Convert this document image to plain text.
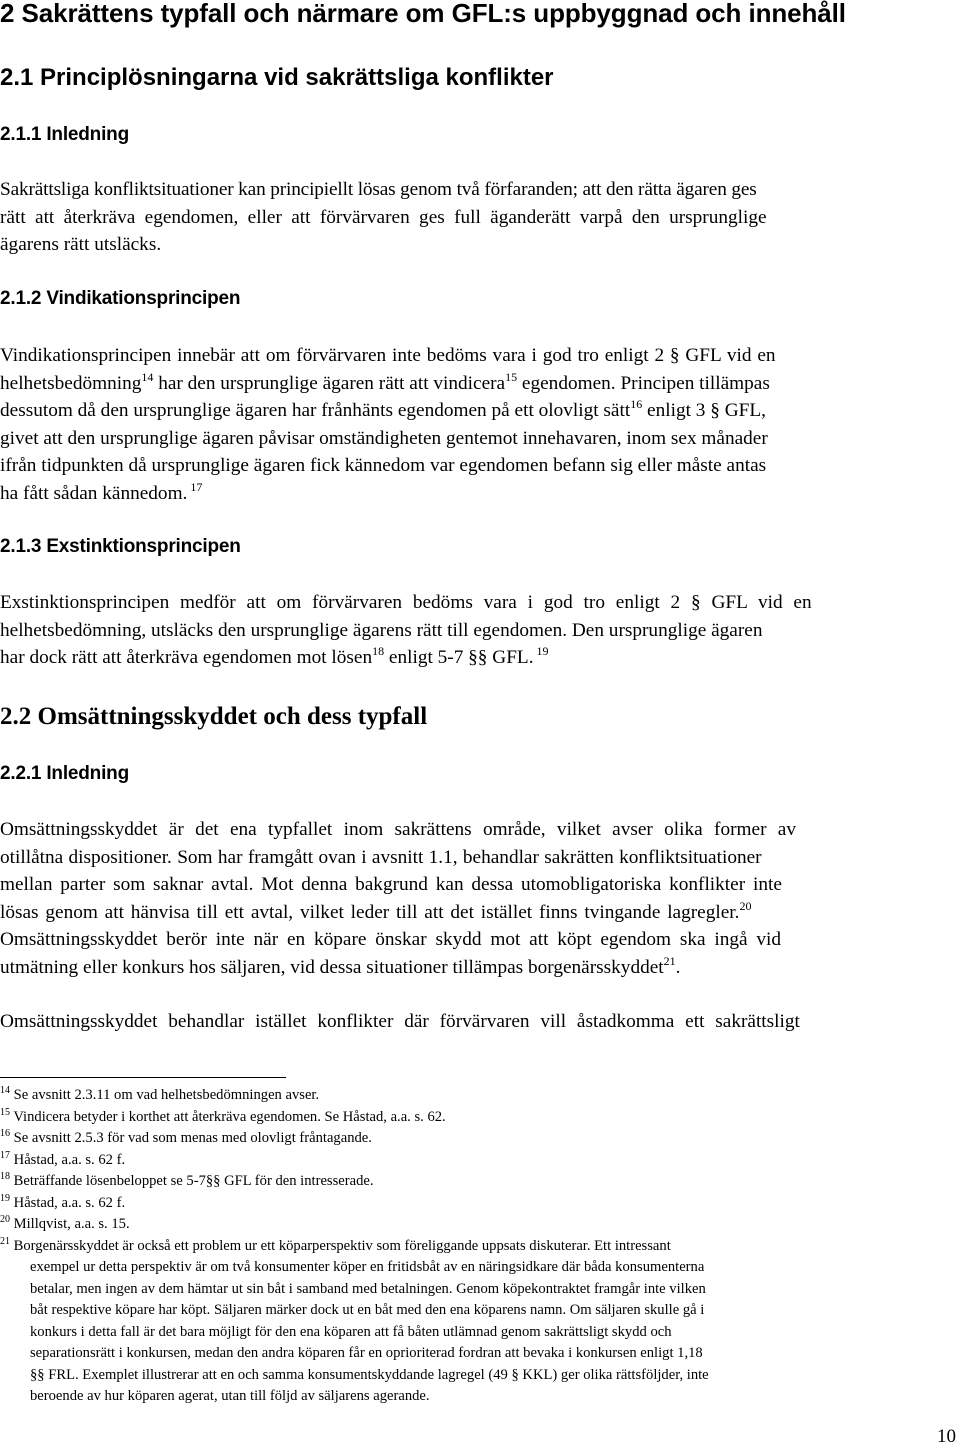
2 Sakrättens typfall och närmare om GFL:s uppbyggnad och innehåll
2.1 Principlösningarna vid sakrättsliga konflikter
2.1.1 Inledning
Sakrättsliga konfliktsituationer kan principiellt lösas genom två förfaranden; att den rätta ägaren ges
rätt att återkräva egendomen, eller att förvärvaren ges full äganderätt varpå den ursprunglige
ägarens rätt utsläcks.
2.1.2 Vindikationsprincipen
Vindikationsprincipen innebär att om förvärvaren inte bedöms vara i god tro enligt 2 § GFL vid en
helhetsbedömning$^{14}$ har den ursprunglige ägaren rätt att vindicera$^{15}$ egendomen. Principen tillämpas
dessutom då den ursprunglige ägaren har frånhänts egendomen på ett olovligt sätt$^{16}$ enligt 3 § GFL,
givet att den ursprunglige ägaren påvisar omständigheten gentemot innehavaren, inom sex månader
ifrån tidpunkten då ursprunglige ägaren fick kännedom var egendomen befann sig eller måste antas
ha fått sådan kännedom. $^{17}$
2.1.3 Exstinktionsprincipen
Exstinktionsprincipen medför att om förvärvaren bedöms vara i god tro enligt 2 § GFL vid en
helhetsbedömning, utsläcks den ursprunglige ägarens rätt till egendomen. Den ursprunglige ägaren
har dock rätt att återkräva egendomen mot lösen$^{18}$ enligt 5-7 §§ GFL. $^{19}$
2.2 Omsättningsskyddet och dess typfall
2.2.1 Inledning
Omsättningsskyddet är det ena typfallet inom sakrättens område, vilket avser olika former av
otillåtna dispositioner. Som har framgått ovan i avsnitt 1.1, behandlar sakrätten konfliktsituationer
mellan parter som saknar avtal. Mot denna bakgrund kan dessa utomobligatoriska konflikter inte
lösas genom att hänvisa till ett avtal, vilket leder till att det istället finns tvingande lagregler.$^{20}$
Omsättningsskyddet berör inte när en köpare önskar skydd mot att köpt egendom ska ingå vid
utmätning eller konkurs hos säljaren, vid dessa situationer tillämpas borgenärsskyddet$^{21}$.
Omsättningsskyddet behandlar istället konflikter där förvärvaren vill åstadkomma ett sakrättsligt
$^{14}$ Se avsnitt 2.3.11 om vad helhetsbedömningen avser.
$^{15}$ Vindicera betyder i korthet att återkräva egendomen. Se Håstad, a.a. s. 62.
$^{16}$ Se avsnitt 2.5.3 för vad som menas med olovligt fråntagande.
$^{17}$ Håstad, a.a. s. 62 f.
$^{18}$ Beträffande lösenbeloppet se 5-7§§ GFL för den intresserade.
$^{19}$ Håstad, a.a. s. 62 f.
$^{20}$ Millqvist, a.a. s. 15.
$^{21}$ Borgenärsskyddet är också ett problem ur ett köparperspektiv som föreliggande uppsats diskuterar. Ett intressant
exempel ur detta perspektiv är om två konsumenter köper en fritidsbåt av en näringsidkare där båda konsumenterna
betalar, men ingen av dem hämtar ut sin båt i samband med betalningen. Genom köpekontraktet framgår inte vilken
båt respektive köpare har köpt. Säljaren märker dock ut en båt med den ena köparens namn. Om säljaren skulle gå i
konkurs i detta fall är det bara möjligt för den ena köparen att få båten utlämnad genom sakrättsligt skydd och
separationsrätt i konkursen, medan den andra köparen får en oprioriterad fordran att bevaka i konkursen enligt 1,18
§§ FRL. Exemplet illustrerar att en och samma konsumentskyddande lagregel (49 § KKL) ger olika rättsföljder, inte
beroende av hur köparen agerat, utan till följd av säljarens agerande.
10
